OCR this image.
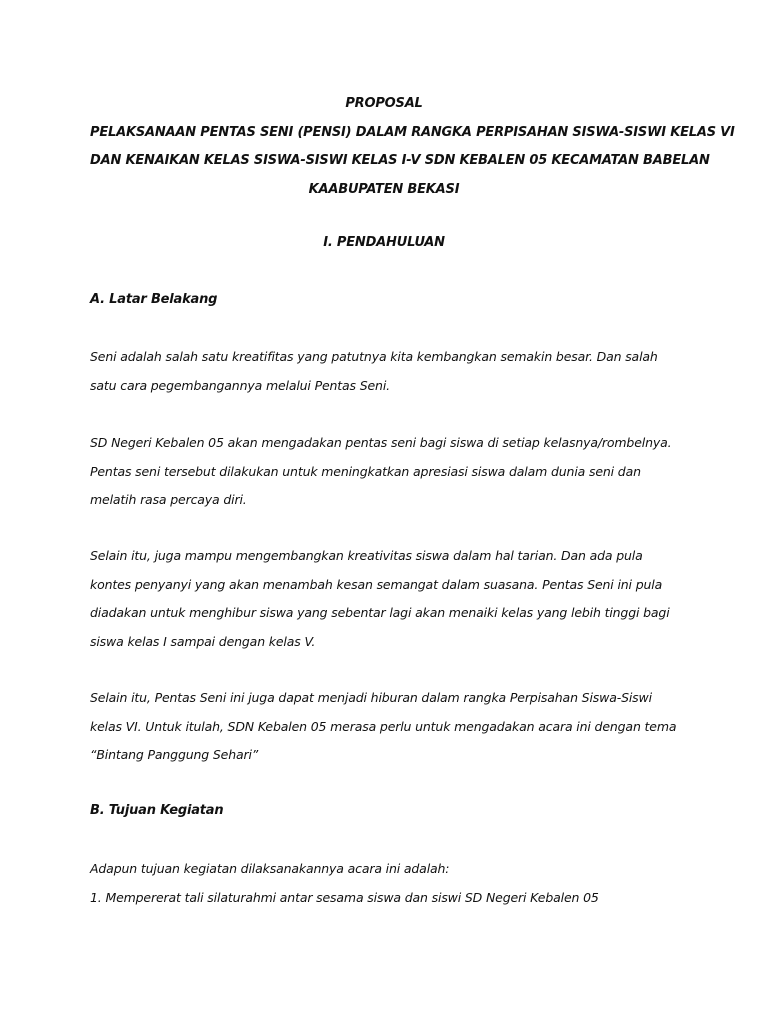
PROPOSAL
PELAKSANAAN PENTAS SENI (PENSI) DALAM RANGKA PERPISAHAN SISWA-SISWI KELAS VI
DAN KENAIKAN KELAS SISWA-SISWI KELAS I-V SDN KEBALEN 05 KECAMATAN BABELAN
KAABUPATEN BEKASI
I. PENDAHULUAN
A. Latar Belakang
Seni adalah salah satu kreatifitas yang patutnya kita kembangkan semakin besar. Dan salah
satu cara pegembangannya melalui Pentas Seni.
SD Negeri Kebalen 05 akan mengadakan pentas seni bagi siswa di setiap kelasnya/rombelnya.
Pentas seni tersebut dilakukan untuk meningkatkan apresiasi siswa dalam dunia seni dan
melatih rasa percaya diri.
Selain itu, juga mampu mengembangkan kreativitas siswa dalam hal tarian. Dan ada pula
kontes penyanyi yang akan menambah kesan semangat dalam suasana. Pentas Seni ini pula
diadakan untuk menghibur siswa yang sebentar lagi akan menaiki kelas yang lebih tinggi bagi
siswa kelas I sampai dengan kelas V.
Selain itu, Pentas Seni ini juga dapat menjadi hiburan dalam rangka Perpisahan Siswa-Siswi
kelas VI. Untuk itulah, SDN Kebalen 05 merasa perlu untuk mengadakan acara ini dengan tema
“Bintang Panggung Sehari”
B. Tujuan Kegiatan
Adapun tujuan kegiatan dilaksanakannya acara ini adalah:
1. Mempererat tali silaturahmi antar sesama siswa dan siswi SD Negeri Kebalen 05
